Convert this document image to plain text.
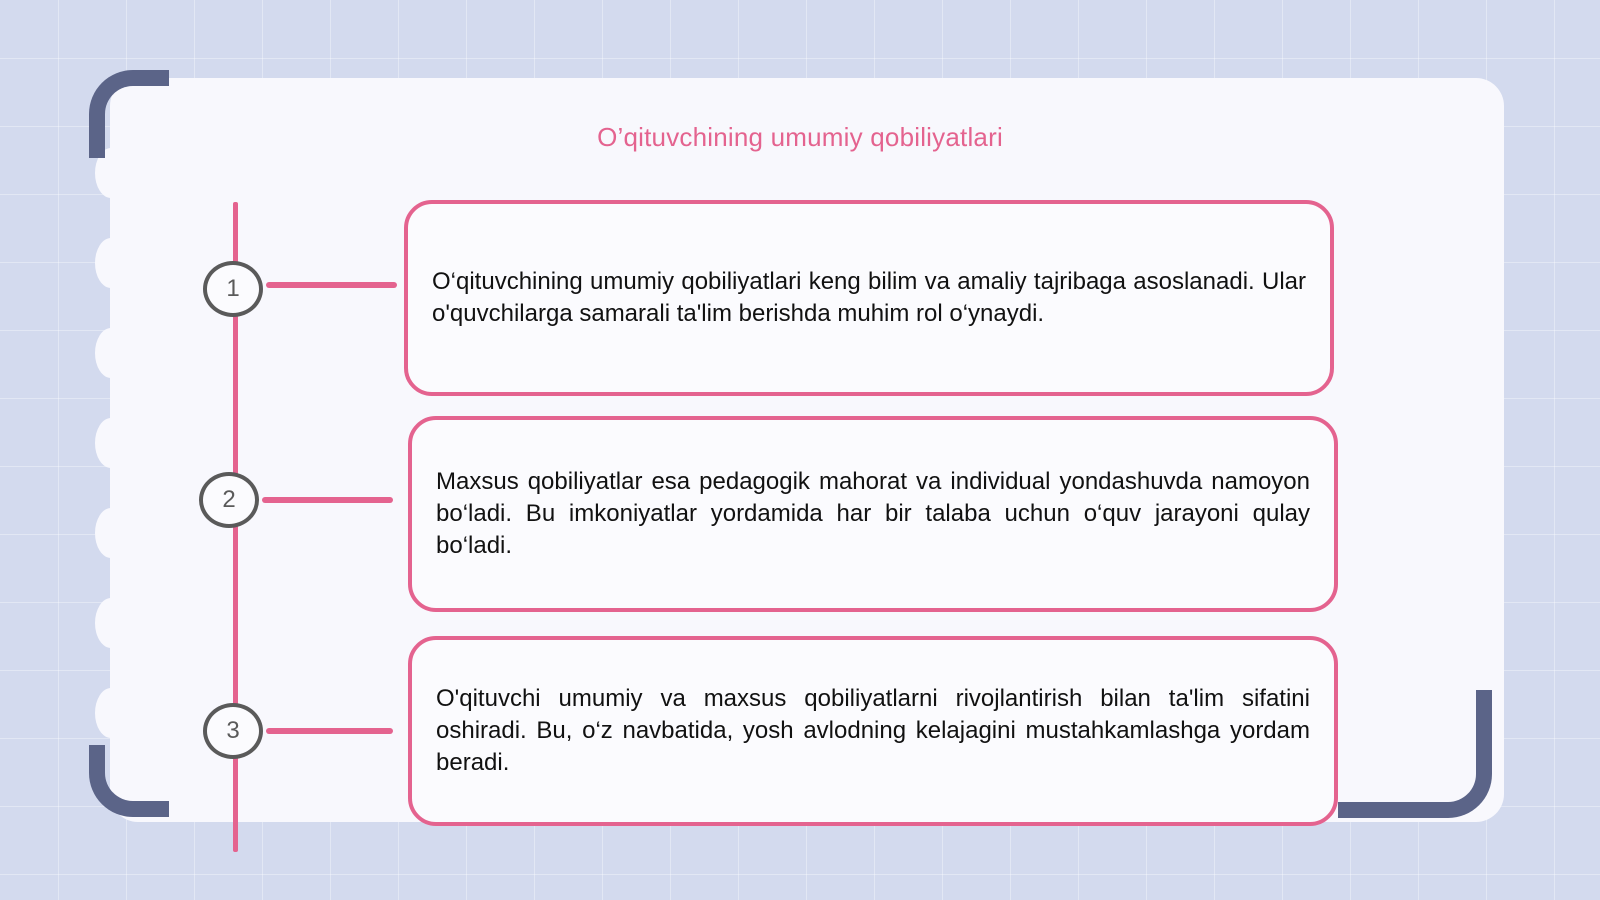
O’qituvchining umumiy qobiliyatlari
1	O‘qituvchining umumiy qobiliyatlari keng bilim va amaliy tajribaga asoslanadi. Ular o'quvchilarga samarali ta'lim berishda muhim rol o‘ynaydi.

2

Maxsus qobiliyatlar esa pedagogik mahorat va individual yondashuvda namoyon bo‘ladi. Bu imkoniyatlar yordamida har bir talaba uchun o‘quv jarayoni qulay bo‘ladi.

3

O'qituvchi umumiy va maxsus qobiliyatlarni rivojlantirish bilan ta'lim sifatini oshiradi. Bu, o‘z navbatida, yosh avlodning kelajagini mustahkamlashga yordam beradi.
